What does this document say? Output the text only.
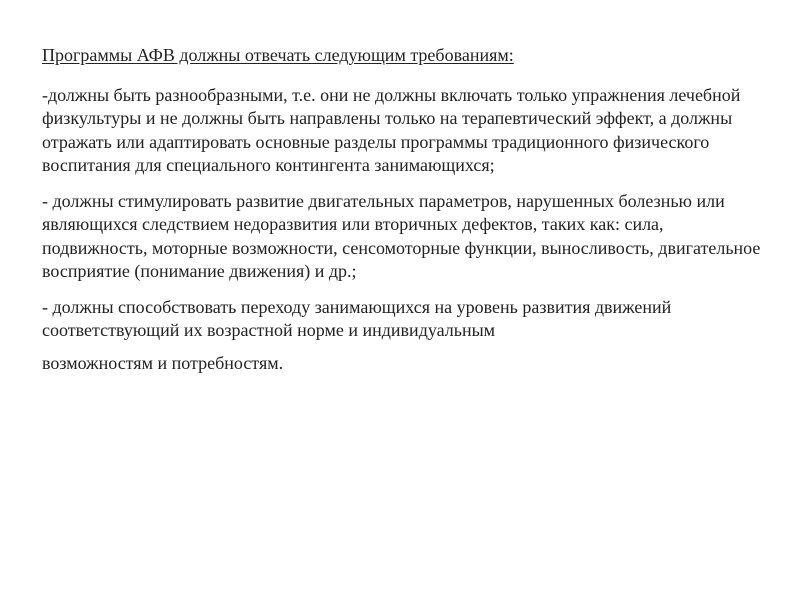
Программы АФВ должны отвечать следующим требованиям:

-должны быть разнообразными, т.е. они не должны включать только упражнения лечебной физкультуры и не должны быть направлены только на терапевтический эффект, а должны отражать или адаптировать основные разделы программы традиционного физического воспитания для специального контингента занимающихся;

- должны стимулировать развитие двигательных параметров, нарушенных болезнью или являющихся следствием недоразвития или вторичных дефектов, таких как: сила, подвижность, моторные возможности, сенсомоторные функции, выносливость, двигательное восприятие (понимание движения) и др.;

- должны способствовать переходу занимающихся на уровень развития движений соответствующий их возрастной норме и индивидуальным
возможностям и потребностям.
